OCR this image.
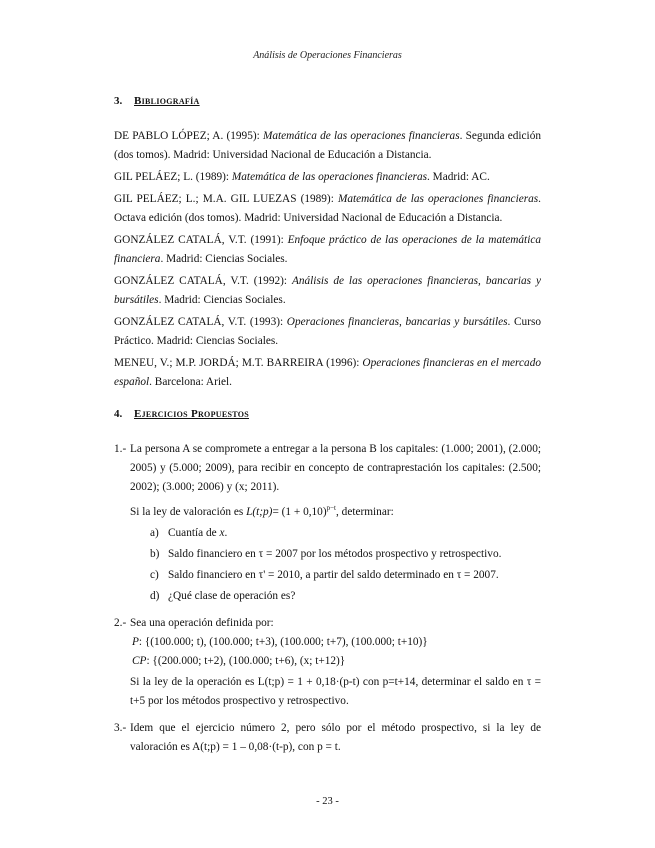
Análisis de Operaciones Financieras
3.	Bibliografía
DE PABLO LÓPEZ; A. (1995): Matemática de las operaciones financieras. Segunda edición (dos tomos). Madrid: Universidad Nacional de Educación a Distancia.
GIL PELÁEZ; L. (1989): Matemática de las operaciones financieras. Madrid: AC.
GIL PELÁEZ; L.; M.A. GIL LUEZAS (1989): Matemática de las operaciones financieras. Octava edición (dos tomos). Madrid: Universidad Nacional de Educación a Distancia.
GONZÁLEZ CATALÁ, V.T. (1991): Enfoque práctico de las operaciones de la matemática financiera. Madrid: Ciencias Sociales.
GONZÁLEZ CATALÁ, V.T. (1992): Análisis de las operaciones financieras, bancarias y bursátiles. Madrid: Ciencias Sociales.
GONZÁLEZ CATALÁ, V.T. (1993): Operaciones financieras, bancarias y bursátiles. Curso Práctico. Madrid: Ciencias Sociales.
MENEU, V.; M.P. JORDÁ; M.T. BARREIRA (1996): Operaciones financieras en el mercado español. Barcelona: Ariel.
4.	Ejercicios Propuestos
1.- La persona A se compromete a entregar a la persona B los capitales: (1.000; 2001), (2.000; 2005) y (5.000; 2009), para recibir en concepto de contraprestación los capitales: (2.500; 2002); (3.000; 2006) y (x; 2011).
Si la ley de valoración es L(t;p)= $(1 + 0,10)^{p-t}$, determinar:
a) Cuantía de x.
b) Saldo financiero en τ = 2007 por los métodos prospectivo y retrospectivo.
c) Saldo financiero en τ' = 2010, a partir del saldo determinado en τ = 2007.
d) ¿Qué clase de operación es?
2.- Sea una operación definida por:
P: {(100.000; t), (100.000; t+3), (100.000; t+7), (100.000; t+10)}
CP: {(200.000; t+2), (100.000; t+6), (x; t+12)}
Si la ley de la operación es L(t;p) = 1 + 0,18·(p-t) con p=t+14, determinar el saldo en τ = t+5 por los métodos prospectivo y retrospectivo.
3.- Idem que el ejercicio número 2, pero sólo por el método prospectivo, si la ley de valoración es A(t;p) = 1 – 0,08·(t-p), con p = t.
- 23 -
